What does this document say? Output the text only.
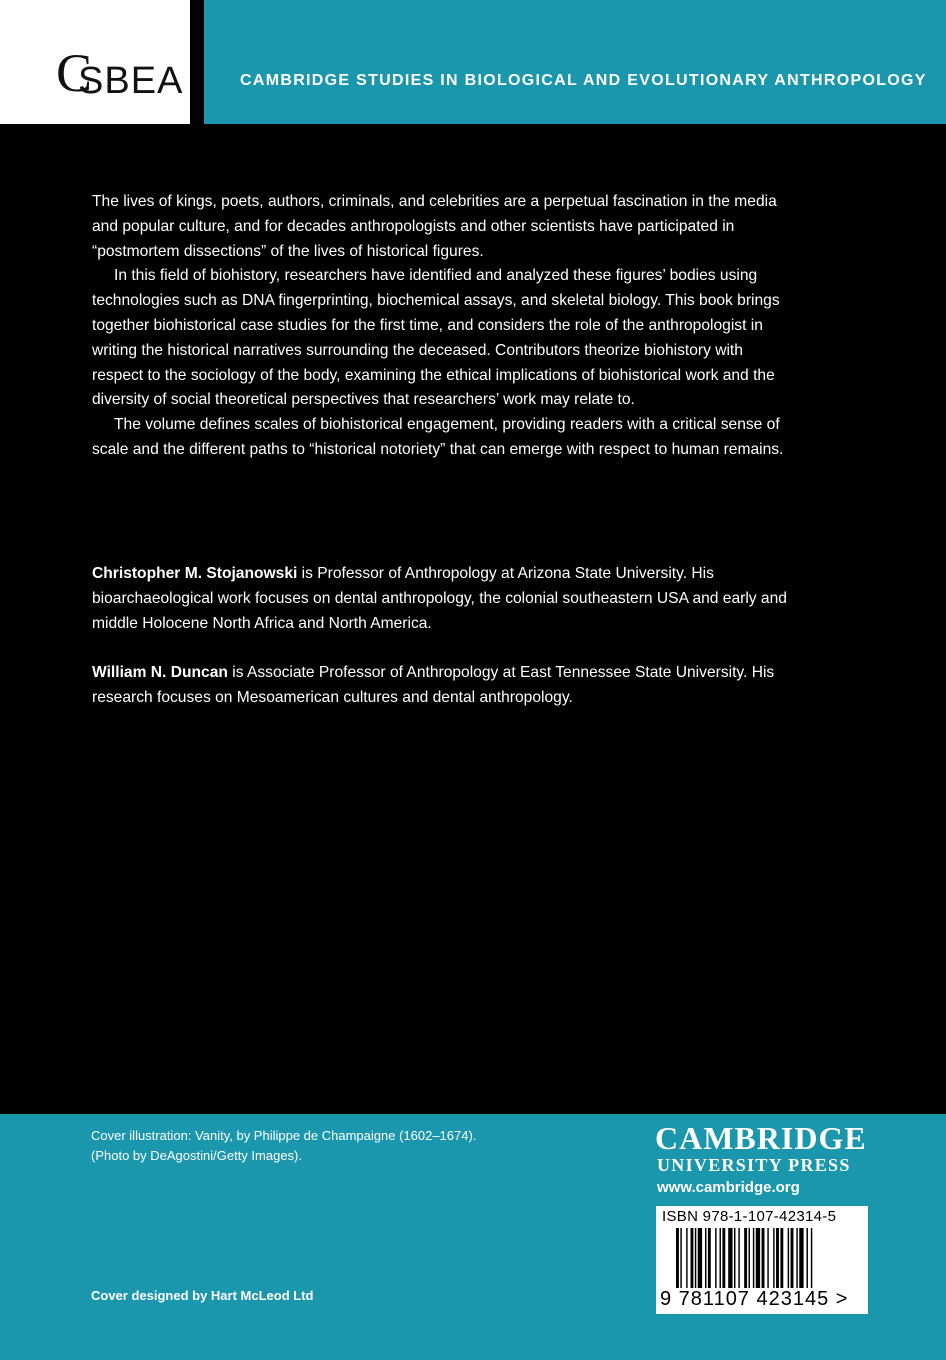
C
SBEA	CAMBRIDGE STUDIES IN BIOLOGICAL AND EVOLUTIONARY ANTHROPOLOGY

The lives of kings, poets, authors, criminals, and celebrities are a perpetual fascination in the media and popular culture, and for decades anthropologists and other scientists have participated in “postmortem dissections” of the lives of historical figures.

In this field of biohistory, researchers have identified and analyzed these figures’ bodies using technologies such as DNA fingerprinting, biochemical assays, and skeletal biology. This book brings together biohistorical case studies for the first time, and considers the role of the anthropologist in writing the historical narratives surrounding the deceased. Contributors theorize biohistory with respect to the sociology of the body, examining the ethical implications of biohistorical work and the diversity of social theoretical perspectives that researchers’ work may relate to.

The volume defines scales of biohistorical engagement, providing readers with a critical sense of scale and the different paths to “historical notoriety” that can emerge with respect to human remains.

Christopher M. Stojanowski is Professor of Anthropology at Arizona State University. His bioarchaeological work focuses on dental anthropology, the colonial southeastern USA and early and middle Holocene North Africa and North America.

William N. Duncan is Associate Professor of Anthropology at East Tennessee State University. His research focuses on Mesoamerican cultures and dental anthropology.

Cover illustration: Vanity, by Philippe de Champaigne (1602–1674).
(Photo by DeAgostini/Getty Images).
Cover designed by Hart McLeod Ltd
CAMBRIDGE
UNIVERSITY PRESS
www.cambridge.org
ISBN 978-1-107-42314-5
9 781107 423145 >
